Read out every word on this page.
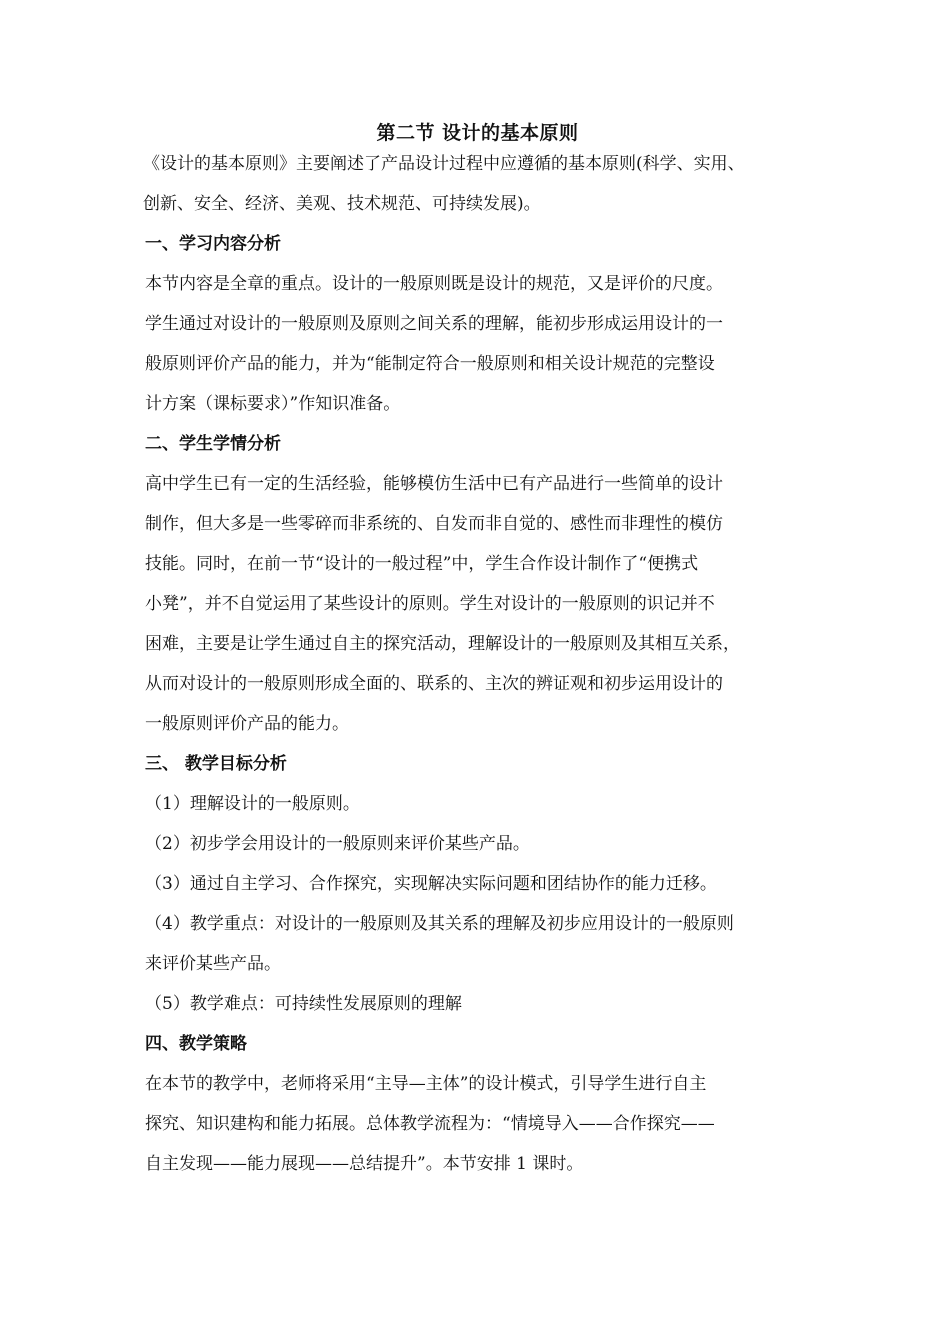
第二节 设计的基本原则

《设计的基本原则》主要阐述了产品设计过程中应遵循的基本原则(科学、实用、
创新、安全、经济、美观、技术规范、可持续发展)。

一、学习内容分析

本节内容是全章的重点。设计的一般原则既是设计的规范，又是评价的尺度。
学生通过对设计的一般原则及原则之间关系的理解，能初步形成运用设计的一
般原则评价产品的能力，并为“能制定符合一般原则和相关设计规范的完整设
计方案（课标要求）”作知识准备。

二、学生学情分析

高中学生已有一定的生活经验，能够模仿生活中已有产品进行一些简单的设计
制作，但大多是一些零碎而非系统的、自发而非自觉的、感性而非理性的模仿
技能。同时，在前一节“设计的一般过程”中，学生合作设计制作了“便携式
小凳”，并不自觉运用了某些设计的原则。学生对设计的一般原则的识记并不
困难，主要是让学生通过自主的探究活动，理解设计的一般原则及其相互关系，
从而对设计的一般原则形成全面的、联系的、主次的辨证观和初步运用设计的
一般原则评价产品的能力。

三、 教学目标分析

（1）理解设计的一般原则。

（2）初步学会用设计的一般原则来评价某些产品。

（3）通过自主学习、合作探究，实现解决实际问题和团结协作的能力迁移。

（4）教学重点：对设计的一般原则及其关系的理解及初步应用设计的一般原则

来评价某些产品。

（5）教学难点：可持续性发展原则的理解

四、教学策略

在本节的教学中，老师将采用“主导—主体”的设计模式，引导学生进行自主
探究、知识建构和能力拓展。总体教学流程为：“情境导入——合作探究——
自主发现——能力展现——总结提升”。本节安排 1 课时。
